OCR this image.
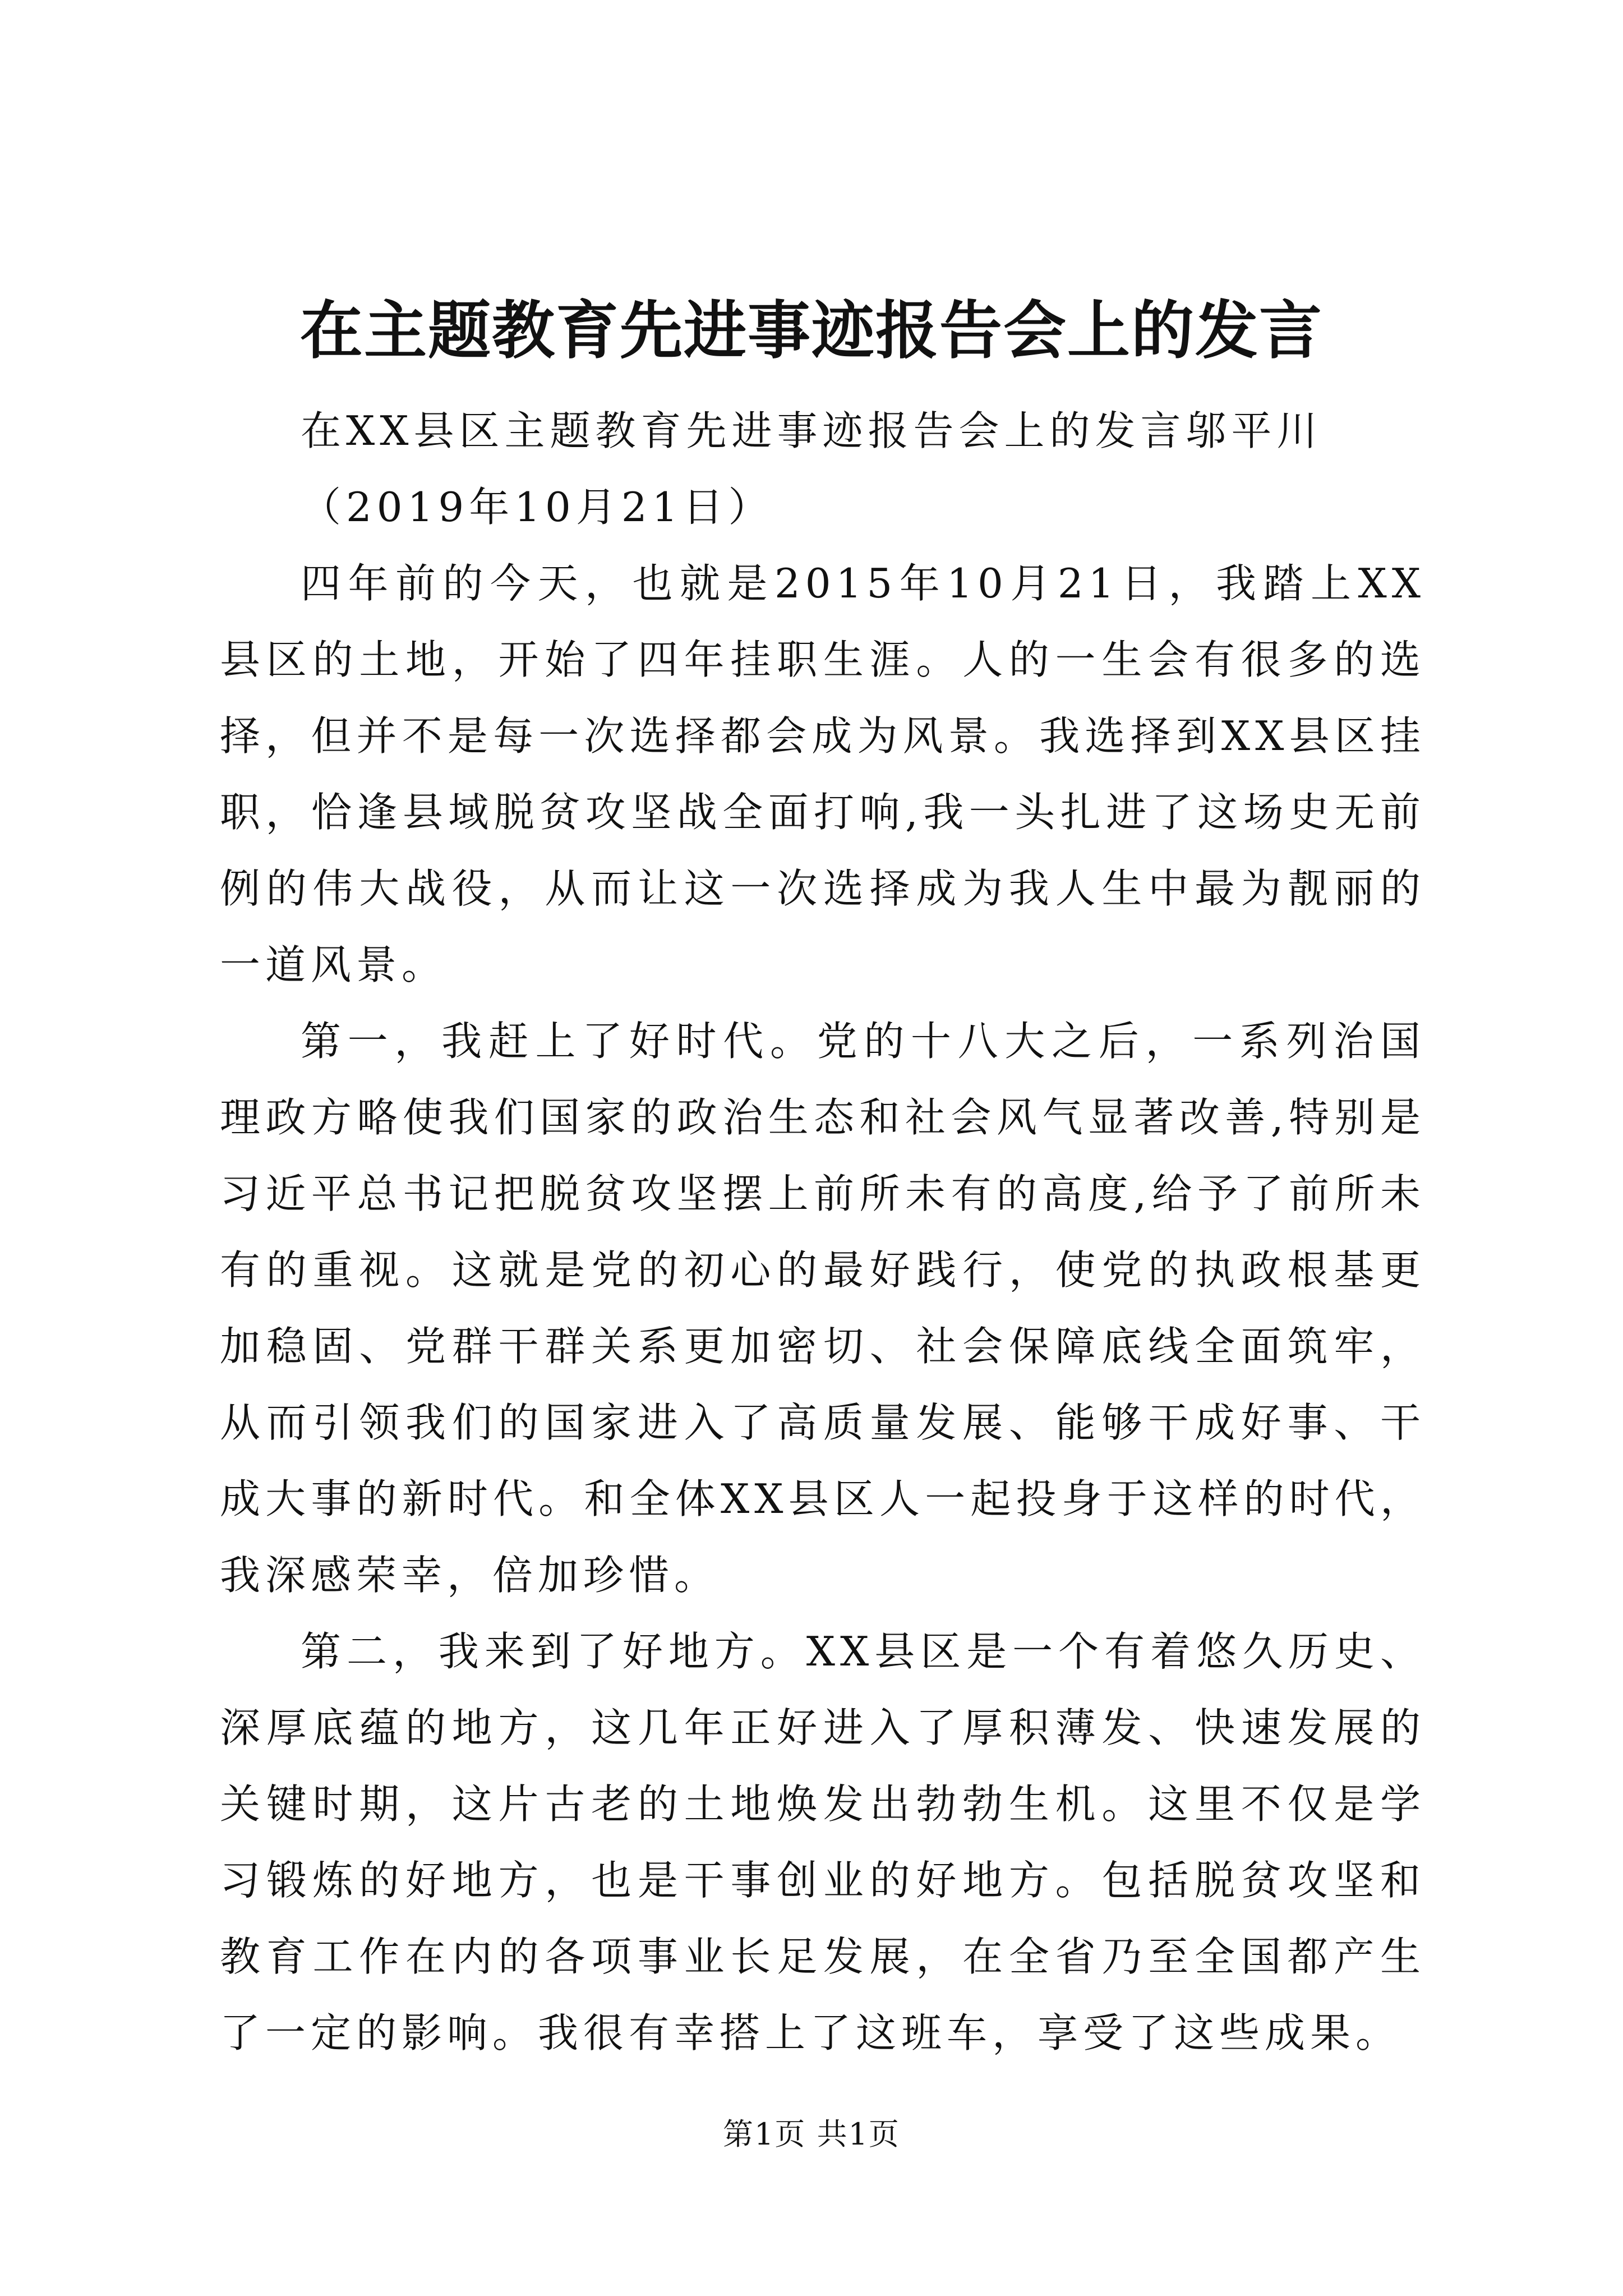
在主题教育先进事迹报告会上的发言

在XX县区主题教育先进事迹报告会上的发言邬平川

（2019年10月21日）

四年前的今天，也就是2015年10月21日，我踏上XX县区的土地，开始了四年挂职生涯。人的一生会有很多的选择，但并不是每一次选择都会成为风景。我选择到XX县区挂职，恰逢县域脱贫攻坚战全面打响,我一头扎进了这场史无前例的伟大战役，从而让这一次选择成为我人生中最为靓丽的一道风景。

第一，我赶上了好时代。党的十八大之后，一系列治国理政方略使我们国家的政治生态和社会风气显著改善,特别是习近平总书记把脱贫攻坚摆上前所未有的高度,给予了前所未有的重视。这就是党的初心的最好践行，使党的执政根基更加稳固、党群干群关系更加密切、社会保障底线全面筑牢，从而引领我们的国家进入了高质量发展、能够干成好事、干成大事的新时代。和全体XX县区人一起投身于这样的时代，我深感荣幸，倍加珍惜。

第二，我来到了好地方。XX县区是一个有着悠久历史、深厚底蕴的地方，这几年正好进入了厚积薄发、快速发展的关键时期，这片古老的土地焕发出勃勃生机。这里不仅是学习锻炼的好地方，也是干事创业的好地方。包括脱贫攻坚和教育工作在内的各项事业长足发展，在全省乃至全国都产生了一定的影响。我很有幸搭上了这班车，享受了这些成果。

第1页 共1页
